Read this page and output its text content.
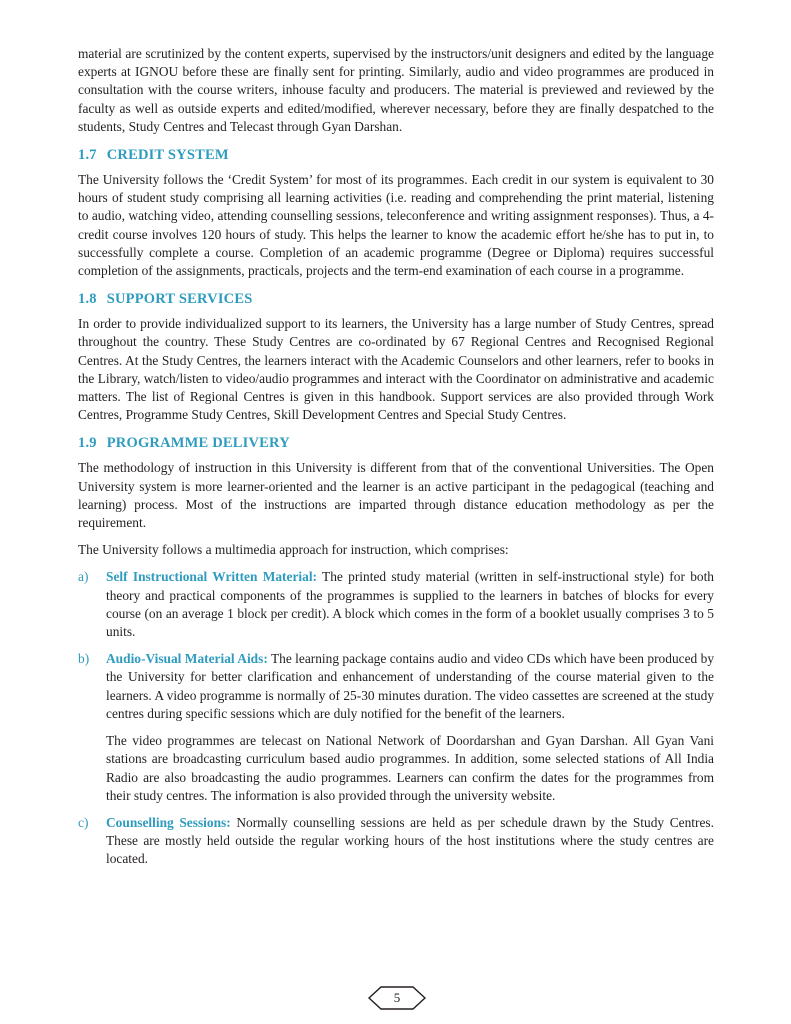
material are scrutinized by the content experts, supervised by the instructors/unit designers and edited by the language experts at IGNOU before these are finally sent for printing. Similarly, audio and video programmes are produced in consultation with the course writers, inhouse faculty and producers. The material is previewed and reviewed by the faculty as well as outside experts and edited/modified, wherever necessary, before they are finally despatched to the students, Study Centres and Telecast through Gyan Darshan.

1.7 CREDIT SYSTEM

The University follows the ‘Credit System’ for most of its programmes. Each credit in our system is equivalent to 30 hours of student study comprising all learning activities (i.e. reading and comprehending the print material, listening to audio, watching video, attending counselling sessions, teleconference and writing assignment responses). Thus, a 4-credit course involves 120 hours of study. This helps the learner to know the academic effort he/she has to put in, to successfully complete a course. Completion of an academic programme (Degree or Diploma) requires successful completion of the assignments, practicals, projects and the term-end examination of each course in a programme.

1.8 SUPPORT SERVICES

In order to provide individualized support to its learners, the University has a large number of Study Centres, spread throughout the country. These Study Centres are co-ordinated by 67 Regional Centres and Recognised Regional Centres. At the Study Centres, the learners interact with the Academic Counselors and other learners, refer to books in the Library, watch/listen to video/audio programmes and interact with the Coordinator on administrative and academic matters. The list of Regional Centres is given in this handbook. Support services are also provided through Work Centres, Programme Study Centres, Skill Development Centres and Special Study Centres.

1.9 PROGRAMME DELIVERY

The methodology of instruction in this University is different from that of the conventional Universities. The Open University system is more learner-oriented and the learner is an active participant in the pedagogical (teaching and learning) process. Most of the instructions are imparted through distance education methodology as per the requirement.

The University follows a multimedia approach for instruction, which comprises:

a) Self Instructional Written Material: The printed study material (written in self-instructional style) for both theory and practical components of the programmes is supplied to the learners in batches of blocks for every course (on an average 1 block per credit). A block which comes in the form of a booklet usually comprises 3 to 5 units.

b) Audio-Visual Material Aids: The learning package contains audio and video CDs which have been produced by the University for better clarification and enhancement of understanding of the course material given to the learners. A video programme is normally of 25-30 minutes duration. The video cassettes are screened at the study centres during specific sessions which are duly notified for the benefit of the learners.

The video programmes are telecast on National Network of Doordarshan and Gyan Darshan. All Gyan Vani stations are broadcasting curriculum based audio programmes. In addition, some selected stations of All India Radio are also broadcasting the audio programmes. Learners can confirm the dates for the programmes from their study centres. The information is also provided through the university website.

c) Counselling Sessions: Normally counselling sessions are held as per schedule drawn by the Study Centres. These are mostly held outside the regular working hours of the host institutions where the study centres are located.

5
